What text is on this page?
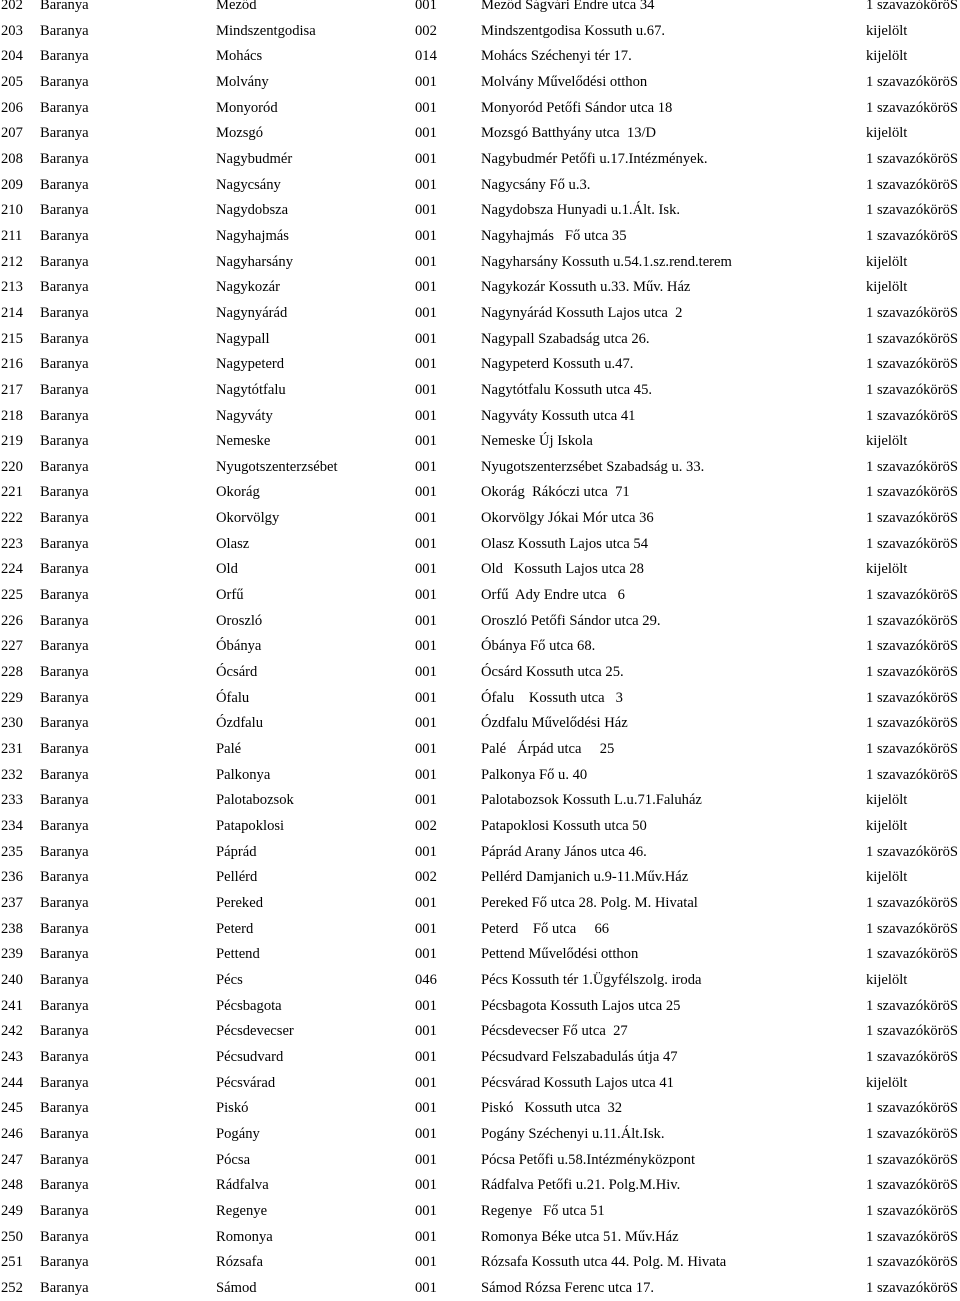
202 Baranya	Meződ	001	Meződ Ságvári Endre utca 34	1 szavazóköröS
203 Baranya	Mindszentgodisa	002	Mindszentgodisa Kossuth u.67.	kijelölt
204 Baranya	Mohács	014	Mohács Széchenyi tér 17.	kijelölt
205 Baranya	Molvány	001	Molvány Művelődési otthon	1 szavazóköröS
206 Baranya	Monyoród	001	Monyoród Petőfi Sándor utca 18	1 szavazóköröS
207 Baranya	Mozsgó	001	Mozsgó Batthyány utca  13/D	kijelölt
208 Baranya	Nagybudmér	001	Nagybudmér Petőfi u.17.Intézmények.	1 szavazóköröS
209 Baranya	Nagycsány	001	Nagycsány Fő u.3.	1 szavazóköröS
210 Baranya	Nagydobsza	001	Nagydobsza Hunyadi u.1.Ált. Isk.	1 szavazóköröS
211 Baranya	Nagyhajmás	001	Nagyhajmás   Fő utca 35	1 szavazóköröS
212 Baranya	Nagyharsány	001	Nagyharsány Kossuth u.54.1.sz.rend.terem	kijelölt
213 Baranya	Nagykozár	001	Nagykozár Kossuth u.33. Műv. Ház	kijelölt
214 Baranya	Nagynyárád	001	Nagynyárád Kossuth Lajos utca  2	1 szavazóköröS
215 Baranya	Nagypall	001	Nagypall Szabadság utca 26.	1 szavazóköröS
216 Baranya	Nagypeterd	001	Nagypeterd Kossuth u.47.	1 szavazóköröS
217 Baranya	Nagytótfalu	001	Nagytótfalu Kossuth utca 45.	1 szavazóköröS
218 Baranya	Nagyváty	001	Nagyváty Kossuth utca 41	1 szavazóköröS
219 Baranya	Nemeske	001	Nemeske Új Iskola	kijelölt
220 Baranya	Nyugotszenterzsébet	001	Nyugotszenterzsébet Szabadság u. 33.	1 szavazóköröS
221 Baranya	Okorág	001	Okorág  Rákóczi utca  71	1 szavazóköröS
222 Baranya	Okorvölgy	001	Okorvölgy Jókai Mór utca 36	1 szavazóköröS
223 Baranya	Olasz	001	Olasz Kossuth Lajos utca 54	1 szavazóköröS
224 Baranya	Old	001	Old   Kossuth Lajos utca 28	kijelölt
225 Baranya	Orfű	001	Orfű  Ady Endre utca   6	1 szavazóköröS
226 Baranya	Oroszló	001	Oroszló Petőfi Sándor utca 29.	1 szavazóköröS
227 Baranya	Óbánya	001	Óbánya Fő utca 68.	1 szavazóköröS
228 Baranya	Ócsárd	001	Ócsárd Kossuth utca 25.	1 szavazóköröS
229 Baranya	Ófalu	001	Ófalu    Kossuth utca   3	1 szavazóköröS
230 Baranya	Ózdfalu	001	Ózdfalu Művelődési Ház	1 szavazóköröS
231 Baranya	Palé	001	Palé   Árpád utca     25	1 szavazóköröS
232 Baranya	Palkonya	001	Palkonya Fő u. 40	1 szavazóköröS
233 Baranya	Palotabozsok	001	Palotabozsok Kossuth L.u.71.Faluház	kijelölt
234 Baranya	Patapoklosi	002	Patapoklosi Kossuth utca 50	kijelölt
235 Baranya	Páprád	001	Páprád Arany János utca 46.	1 szavazóköröS
236 Baranya	Pellérd	002	Pellérd Damjanich u.9-11.Műv.Ház	kijelölt
237 Baranya	Pereked	001	Pereked Fő utca 28. Polg. M. Hivatal	1 szavazóköröS
238 Baranya	Peterd	001	Peterd    Fő utca     66	1 szavazóköröS
239 Baranya	Pettend	001	Pettend Művelődési otthon	1 szavazóköröS
240 Baranya	Pécs	046	Pécs Kossuth tér 1.Ügyfélszolg. iroda	kijelölt
241 Baranya	Pécsbagota	001	Pécsbagota Kossuth Lajos utca 25	1 szavazóköröS
242 Baranya	Pécsdevecser	001	Pécsdevecser Fő utca  27	1 szavazóköröS
243 Baranya	Pécsudvard	001	Pécsudvard Felszabadulás útja 47	1 szavazóköröS
244 Baranya	Pécsvárad	001	Pécsvárad Kossuth Lajos utca 41	kijelölt
245 Baranya	Piskó	001	Piskó   Kossuth utca  32	1 szavazóköröS
246 Baranya	Pogány	001	Pogány Széchenyi u.11.Ált.Isk.	1 szavazóköröS
247 Baranya	Pócsa	001	Pócsa Petőfi u.58.Intézményközpont	1 szavazóköröS
248 Baranya	Rádfalva	001	Rádfalva Petőfi u.21. Polg.M.Hiv.	1 szavazóköröS
249 Baranya	Regenye	001	Regenye   Fő utca 51	1 szavazóköröS
250 Baranya	Romonya	001	Romonya Béke utca 51. Műv.Ház	1 szavazóköröS
251 Baranya	Rózsafa	001	Rózsafa Kossuth utca 44. Polg. M. Hivata	1 szavazóköröS
252 Baranya	Sámod	001	Sámod Rózsa Ferenc utca 17.	1 szavazóköröS
